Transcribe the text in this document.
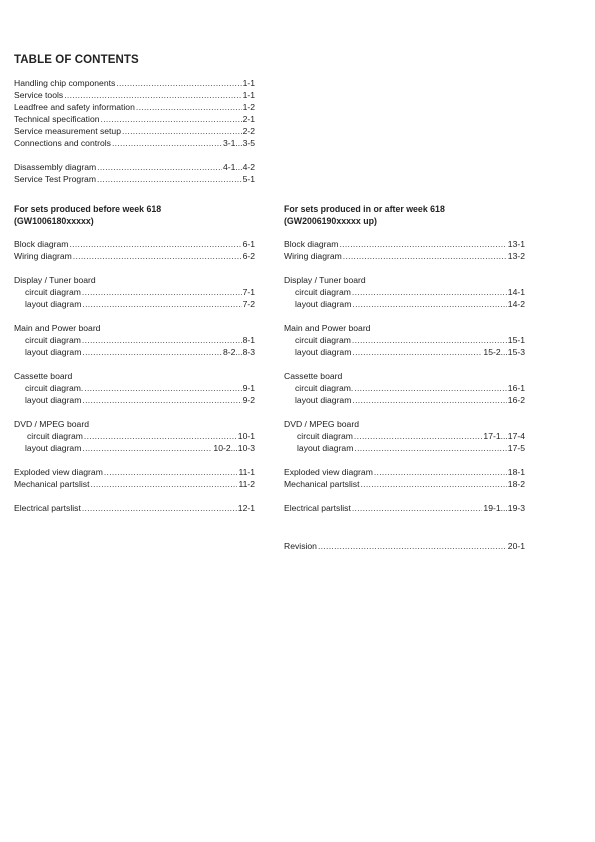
TABLE OF CONTENTS
Handling chip components .....	1-1
Service tools .....	1-1
Leadfree and safety information .....	1-2
Technical specification .....	2-1
Service measurement setup .....	2-2
Connections and controls .....	3-1...3-5
Disassembly diagram .....	4-1...4-2
Service Test Program .....	5-1
For sets produced before week 618
(GW1006180xxxxx)
Block diagram .....	6-1
Wiring diagram .....	6-2
Display / Tuner board
circuit diagram .....	7-1
layout diagram .....	7-2
Main and Power board
circuit diagram .....	8-1
layout diagram .....	8-2...8-3
Cassette board
circuit diagram. .....	9-1
layout diagram .....	9-2
DVD / MPEG board
circuit diagram .....	10-1
layout diagram .....	10-2...10-3
Exploded view diagram .....	11-1
Mechanical partslist .....	11-2
Electrical partslist .....	12-1
For sets produced in or after week 618
(GW2006190xxxxx up)
Block diagram .....	13-1
Wiring diagram .....	13-2
Display / Tuner board
circuit diagram .....	14-1
layout diagram .....	14-2
Main and Power board
circuit diagram .....	15-1
layout diagram .....	15-2...15-3
Cassette board
circuit diagram. .....	16-1
layout diagram .....	16-2
DVD / MPEG board
circuit diagram .....	17-1...17-4
layout diagram .....	17-5
Exploded view diagram .....	18-1
Mechanical partslist .....	18-2
Electrical partslist .....	19-1...19-3
Revision .....	20-1
